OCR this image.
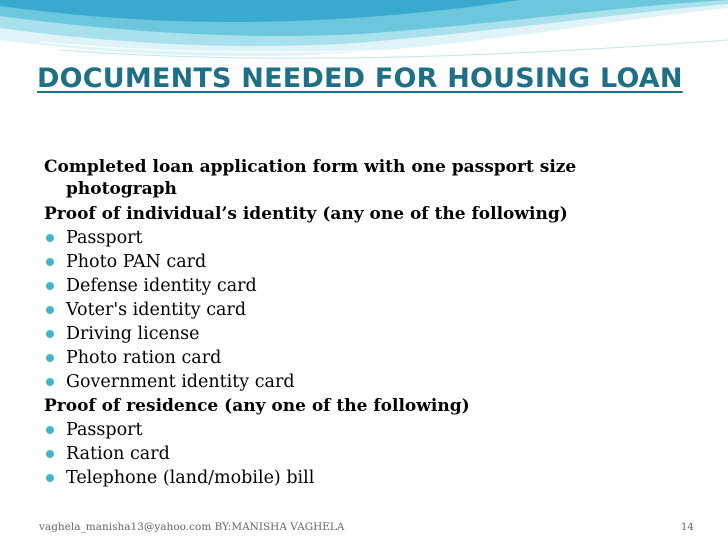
DOCUMENTS NEEDED FOR HOUSING LOAN
Completed loan application form with one passport size photograph
Proof of individual’s identity (any one of the following)
Passport
Photo PAN card
Defense identity card
Voter's identity card
Driving license
Photo ration card
Government identity card
Proof of residence (any one of the following)
Passport
Ration card
Telephone (land/mobile) bill
vaghela_manisha13@yahoo.com BY:MANISHA VAGHELA	14
